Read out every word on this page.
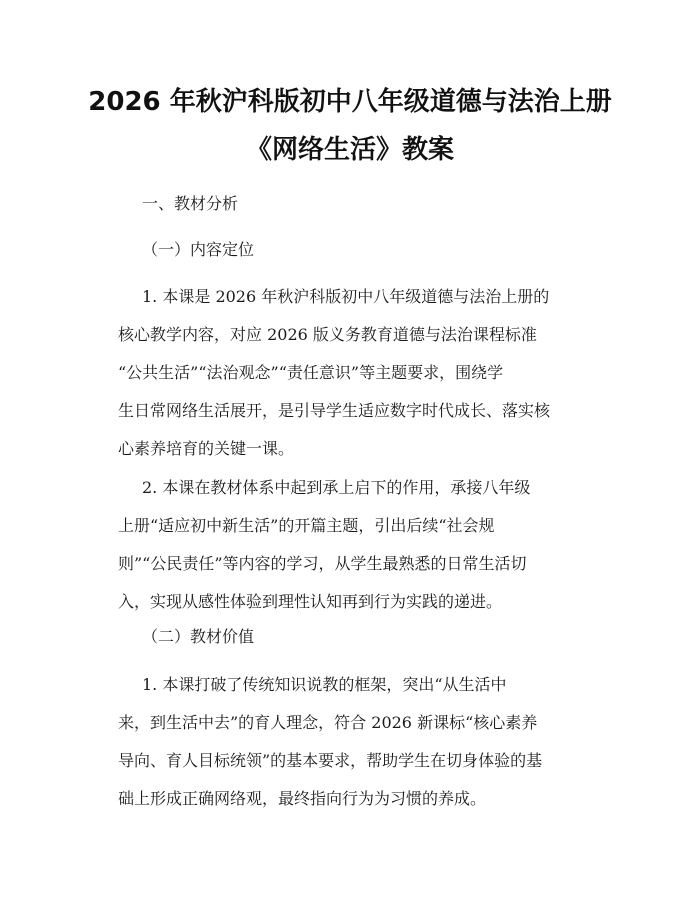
2026 年秋沪科版初中八年级道德与法治上册
《网络生活》教案
一、教材分析
（一）内容定位
1. 本课是 2026 年秋沪科版初中八年级道德与法治上册的
核心教学内容，对应 2026 版义务教育道德与法治课程标准
“公共生活”“法治观念”“责任意识”等主题要求，围绕学
生日常网络生活展开，是引导学生适应数字时代成长、落实核
心素养培育的关键一课。
2. 本课在教材体系中起到承上启下的作用，承接八年级
上册“适应初中新生活”的开篇主题，引出后续“社会规
则”“公民责任”等内容的学习，从学生最熟悉的日常生活切
入，实现从感性体验到理性认知再到行为实践的递进。
（二）教材价值
1. 本课打破了传统知识说教的框架，突出“从生活中
来，到生活中去”的育人理念，符合 2026 新课标“核心素养
导向、育人目标统领”的基本要求，帮助学生在切身体验的基
础上形成正确网络观，最终指向行为为习惯的养成。
